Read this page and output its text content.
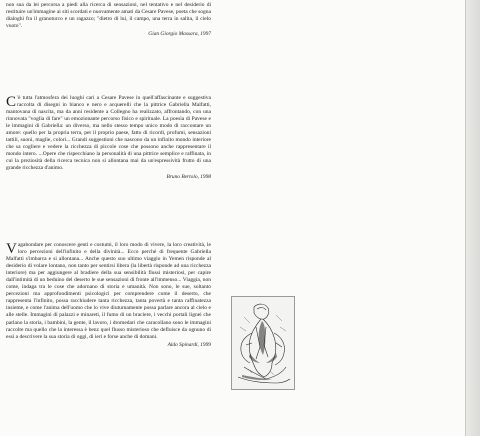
non sua da lei percorsa a piedi alla ricerca di sensazioni, nel tentativo e nel desiderio di restituire un'immagine ai siti scordati e nuovamente amati da Cesare Pavese, poeta che sogna dialoghi fra il granoturco e un ragazzo; "dietro di lui, il campo, una terra in salita, il cielo vuoto".

Gian Giorgio Massara, 1997

C 'è tutta l'atmosfera dei luoghi cari a Cesare Pavese in quell'affascinante e suggestiva raccolta di disegni in bianco e nero e acquerelli che la pittrice Gabriella Malfatti, mantovana di nascita, ma da anni residente a Collegno ha realizzato, affrontando, con una rinnovata "voglia di fare" un emozionante percorso fisico e spirituale. La poesia di Pavese e le immagini di Gabriella: un diverso, ma nello stesso tempo unico modo di raccontare un amore: quello per la propria terra, per il proprio paese, fatto di ricordi, profumi, sensazioni tattili, suoni, maglie, colori... Grandi suggestioni che nascono da un infinito mondo interiore che sa cogliere e vedere la ricchezza di piccole cose che possono anche rappresentare il mondo intero. ...Opere che rispecchiano la personalità di una pittrice semplice e raffinata, in cui la preziosità della ricerca tecnica non si allontana mai da un'espressività frutto di una grande ricchezza d'animo.

Bruno Bertolo, 1998

Vagabondare per conoscere genti e costumi, il loro modo di vivere, la loro creatività, le loro percezioni dell'infinito e della divinità... Ecco perché di frequente Gabriella Malfatti s'imbarca e si allontana... Anche questo suo ultimo viaggio in Yemen risponde al desiderio di volare lontano, non tanto per sentirsi libera (la libertà risponde ad una ricchezza interiore) ma per aggiungere al bradiere della sua sensibilità flussi misteriosi, per capire dall'intimità di un beduino del deserto le sue sensazioni di fronte all'immenso... Viaggia, non come, indaga tra le cose che adornano di storia e umanità. Non sono, le sue, soltanto percezioni ma approfondimenti psicologici per comprendere come il deserto, che rappresenta l'infinito, possa racchiudere tanta ricchezza, tanta povertà e tanta raffinatezza insieme, e come l'anima dell'uomo che lo vive diuturnamente possa parlare ancora al cielo e alle stelle. Immagini di palazzi e minareti, il fumo di un braciere, i vecchi portali lignei che parlano la storia, i bambini, la gente, il lavoro, i dromedari che caracollano sono le immagini raccolte ma quello che la interessa è benz quel flusso misterioso che defluisce da ognuno di essi a descrivere la sua storia di oggi, di ieri e forse anche di domani.

Aldo Spinardi, 1999
